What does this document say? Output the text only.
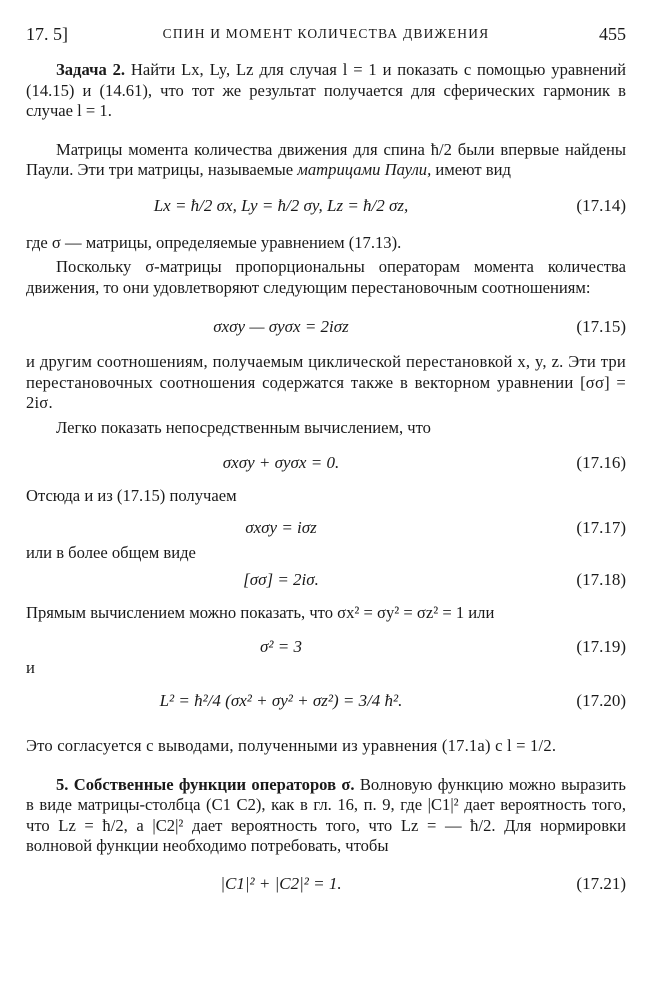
17. 5]	СПИН И МОМЕНТ КОЛИЧЕСТВА ДВИЖЕНИЯ	455

Задача 2. Найти Lx, Ly, Lz для случая l = 1 и показать с помощью уравнений (14.15) и (14.61), что тот же результат получается для сферических гармоник в случае l = 1.

Матрицы момента количества движения для спина ħ/2 были впервые найдены Паули. Эти три матрицы, называемые матрицами Паули, имеют вид

Lx = ħ/2 σx, Ly = ħ/2 σy, Lz = ħ/2 σz,	(17.14)

где σ — матрицы, определяемые уравнением (17.13).

Поскольку σ-матрицы пропорциональны операторам момента количества движения, то они удовлетворяют следующим перестановочным соотношениям:

σxσy — σyσx = 2iσz	(17.15)

и другим соотношениям, получаемым циклической перестановкой x, y, z. Эти три перестановочных соотношения содержатся также в векторном уравнении [σσ] = 2iσ.

Легко показать непосредственным вычислением, что

σxσy + σyσx = 0.	(17.16)

Отсюда и из (17.15) получаем

σxσy = iσz	(17.17)

или в более общем виде

[σσ] = 2iσ.	(17.18)

Прямым вычислением можно показать, что σx² = σy² = σz² = 1 или

σ² = 3	(17.19)

и

L² = ħ²/4 (σx² + σy² + σz²) = 3/4 ħ².	(17.20)

Это согласуется с выводами, полученными из уравнения (17.1а) с l = 1/2.

5. Собственные функции операторов σ. Волновую функцию можно выразить в виде матрицы-столбца (C1 C2), как в гл. 16, п. 9, где |C1|² дает вероятность того, что Lz = ħ/2, а |C2|² дает вероятность того, что Lz = — ħ/2. Для нормировки волновой функции необходимо потребовать, чтобы

|C1|² + |C2|² = 1.	(17.21)
